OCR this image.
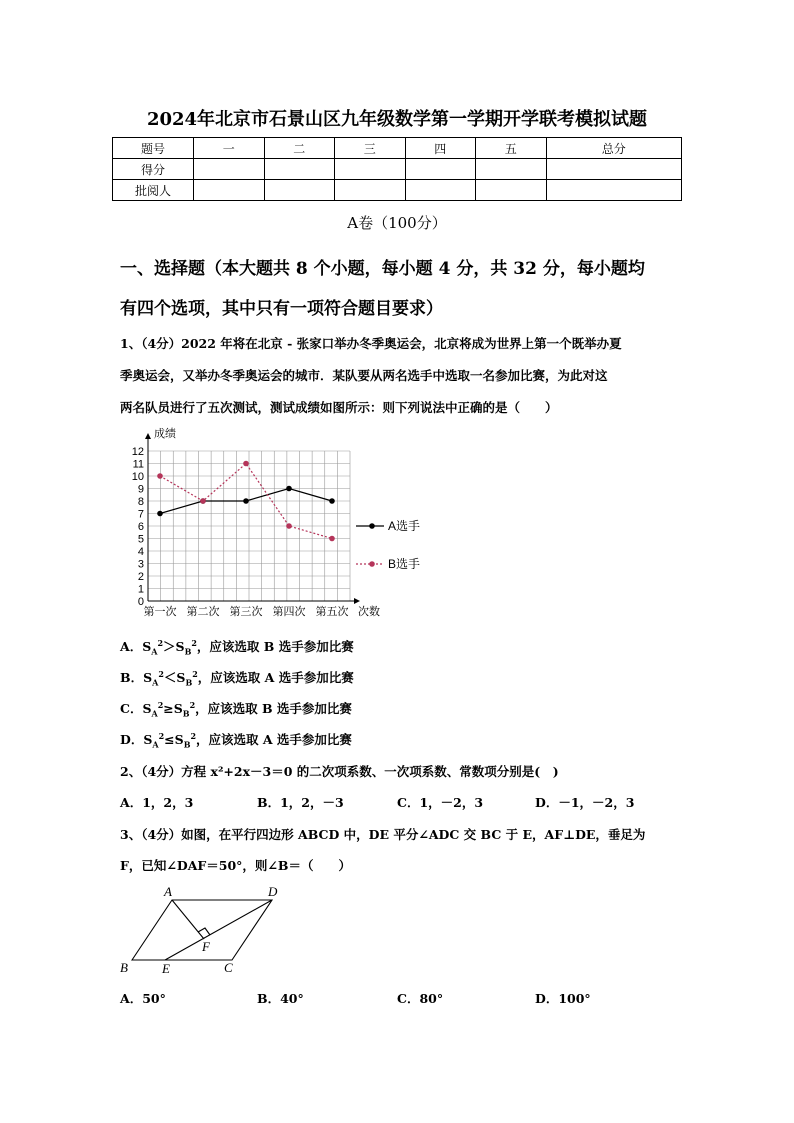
2024年北京市石景山区九年级数学第一学期开学联考模拟试题
题号	一	二	三	四	五	总分
得分						
批阅人						
A卷（100分）
一、选择题（本大题共 8 个小题，每小题 4 分，共 32 分，每小题均
有四个选项，其中只有一项符合题目要求）
1、（4分）2022 年将在北京 - 张家口举办冬季奥运会，北京将成为世界上第一个既举办夏
季奥运会，又举办冬季奥运会的城市．某队要从两名选手中选取一名参加比赛，为此对这
两名队员进行了五次测试，测试成绩如图所示：则下列说法中正确的是（　　）
0
1
2
3
4
5
6
7
8
9
10
11
12
成绩
次数
第一次 第二次 第三次 第四次 第五次
A选手
B选手
A．$S_A^2>S_B^2$，应该选取 B 选手参加比赛
B．$S_A^2<S_B^2$，应该选取 A 选手参加比赛
C．$S_A^2\ge S_B^2$，应该选取 B 选手参加比赛
D．$S_A^2\le S_B^2$，应该选取 A 选手参加比赛
2、（4分）方程 x²+2x－3＝0 的二次项系数、一次项系数、常数项分别是(　)
A．1，2，3	B．1，2，－3	C．1，－2，3	D．－1，－2，3
3、（4分）如图，在平行四边形 ABCD 中，DE 平分∠ADC 交 BC 于 E，AF⊥DE，垂足为
F，已知∠DAF＝50°，则∠B＝（　　）
A	D
B	E	C
F
A．50°	B．40°	C．80°	D．100°
